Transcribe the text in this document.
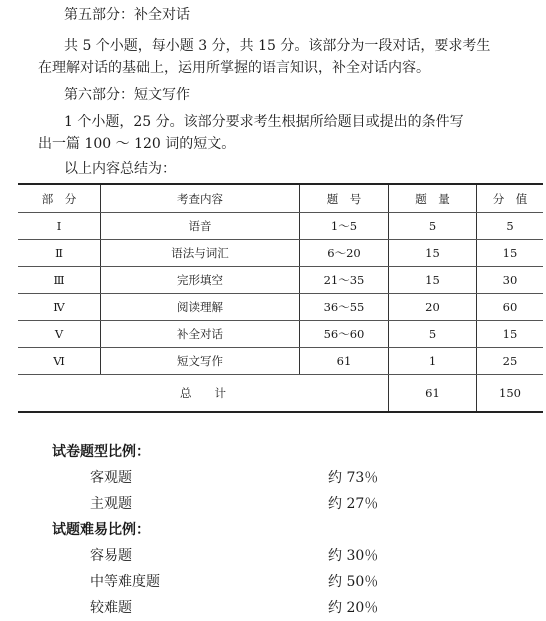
第五部分：补全对话
共 5 个小题，每小题 3 分，共 15 分。该部分为一段对话，要求考生
在理解对话的基础上，运用所掌握的语言知识，补全对话内容。
第六部分：短文写作
1 个小题，25 分。该部分要求考生根据所给题目或提出的条件写
出一篇 100 ～ 120 词的短文。
以上内容总结为：
部　分	考查内容	题　号	题　量	分　值
Ⅰ	语音	1～5	5	5
Ⅱ	语法与词汇	6～20	15	15
Ⅲ	完形填空	21～35	15	30
Ⅳ	阅读理解	36～55	20	60
Ⅴ	补全对话	56～60	5	15
Ⅵ	短文写作	61	1	25
总　　计			61	150
试卷题型比例：
客观题	约 73％
主观题	约 27％
试题难易比例：
容易题	约 30％
中等难度题	约 50％
较难题	约 20％
